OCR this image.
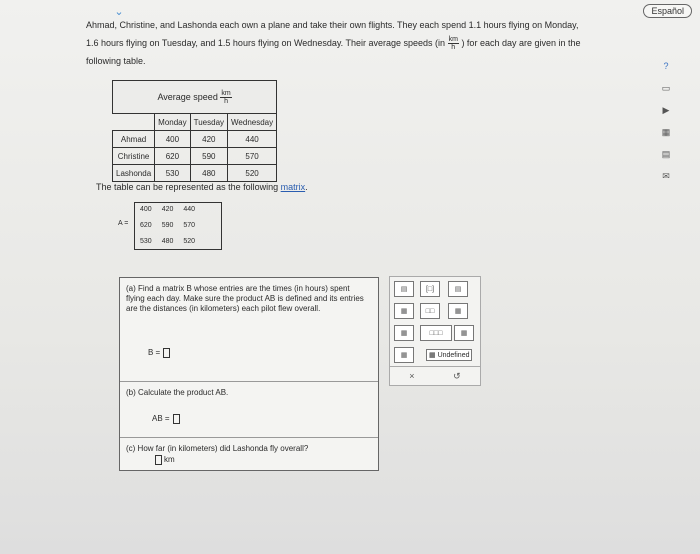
⌄	Español
Ahmad, Christine, and Lashonda each own a plane and take their own flights. They each spend 1.1 hours flying on Monday,
1.6 hours flying on Tuesday, and 1.5 hours flying on Wednesday. Their average speeds ($in \frac{km}{h}$ ) for each day are given in the
following table.
Average speed $\frac{km}{h}$

	Monday	Tuesday	Wednesday
Ahmad	400	420	440
Christine	620	590	570
Lashonda	530	480	520
The table can be represented as the following matrix.
A =
400 420 440
620 590 570
530 480 520
(a) Find a matrix B whose entries are the times (in hours) spent flying each day. Make sure the product AB is defined and its entries are the distances (in kilometers) each pilot flew overall.
B =
(b) Calculate the product AB.
AB =
(c) How far (in kilometers) did Lashonda fly overall?
km
▤	[□]	▤
▦	□□	▦
▦	□□□	▦
▦	▦ Undefined
×	↺
?
▭
▶
▦
▤
✉
